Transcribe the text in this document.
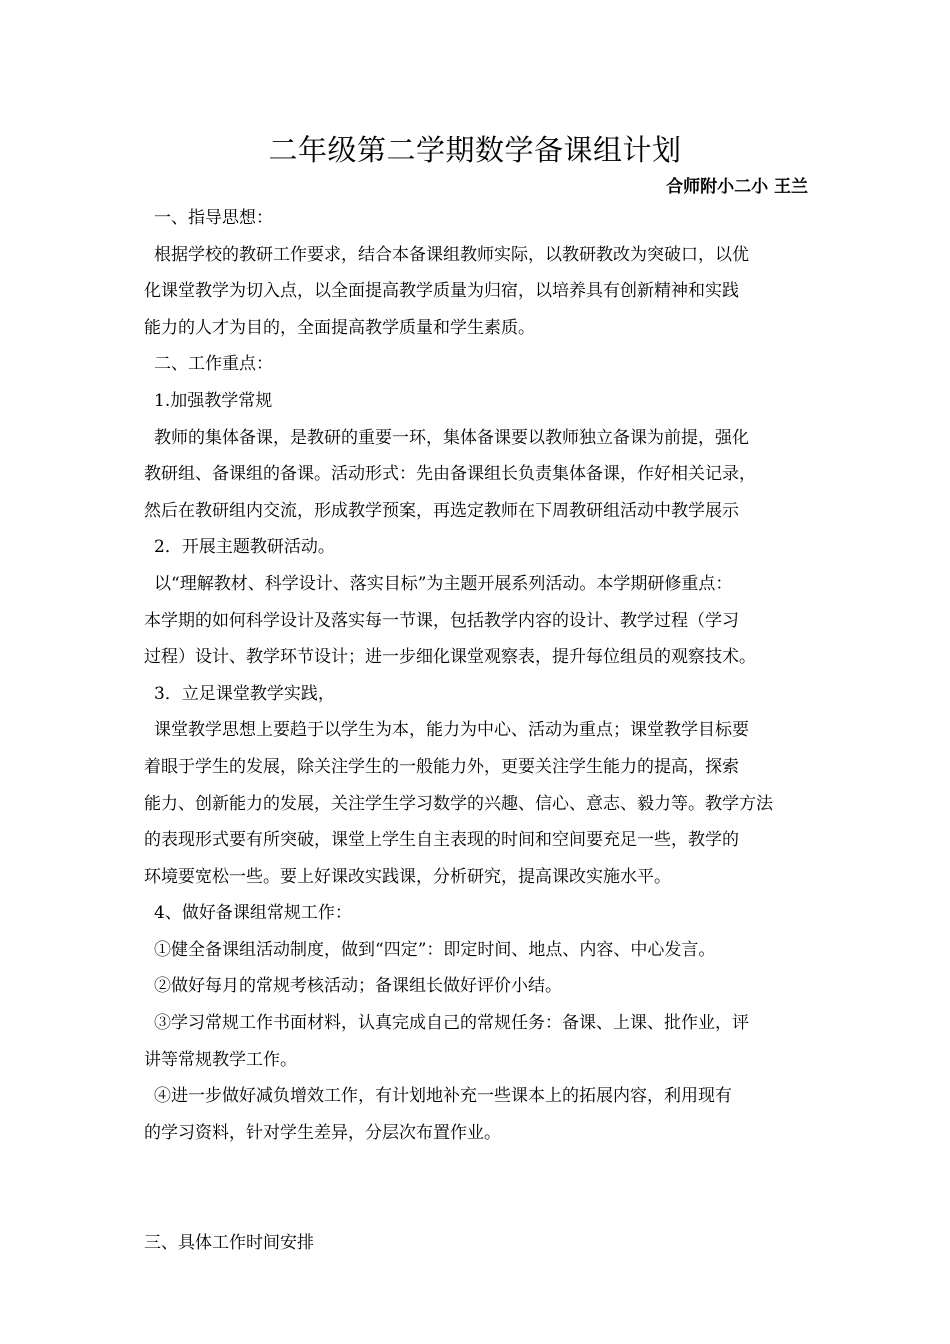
二年级第二学期数学备课组计划
合师附小二小 王兰
一、指导思想：
根据学校的教研工作要求，结合本备课组教师实际，以教研教改为突破口，以优
化课堂教学为切入点，以全面提高教学质量为归宿，以培养具有创新精神和实践
能力的人才为目的，全面提高教学质量和学生素质。
二、工作重点：
1.加强教学常规
教师的集体备课，是教研的重要一环，集体备课要以教师独立备课为前提，强化
教研组、备课组的备课。活动形式：先由备课组长负责集体备课，作好相关记录，
然后在教研组内交流，形成教学预案，再选定教师在下周教研组活动中教学展示
2．开展主题教研活动。
以“理解教材、科学设计、落实目标”为主题开展系列活动。本学期研修重点：
本学期的如何科学设计及落实每一节课，包括教学内容的设计、教学过程（学习
过程）设计、教学环节设计；进一步细化课堂观察表，提升每位组员的观察技术。
3．立足课堂教学实践，
课堂教学思想上要趋于以学生为本，能力为中心、活动为重点；课堂教学目标要
着眼于学生的发展，除关注学生的一般能力外，更要关注学生能力的提高，探索
能力、创新能力的发展，关注学生学习数学的兴趣、信心、意志、毅力等。教学方法
的表现形式要有所突破，课堂上学生自主表现的时间和空间要充足一些，教学的
环境要宽松一些。要上好课改实践课，分析研究，提高课改实施水平。
4、做好备课组常规工作：
①健全备课组活动制度，做到“四定”：即定时间、地点、内容、中心发言。
②做好每月的常规考核活动；备课组长做好评价小结。
③学习常规工作书面材料，认真完成自己的常规任务：备课、上课、批作业，评
讲等常规教学工作。
④进一步做好减负增效工作，有计划地补充一些课本上的拓展内容，利用现有
的学习资料，针对学生差异，分层次布置作业。
三、具体工作时间安排
